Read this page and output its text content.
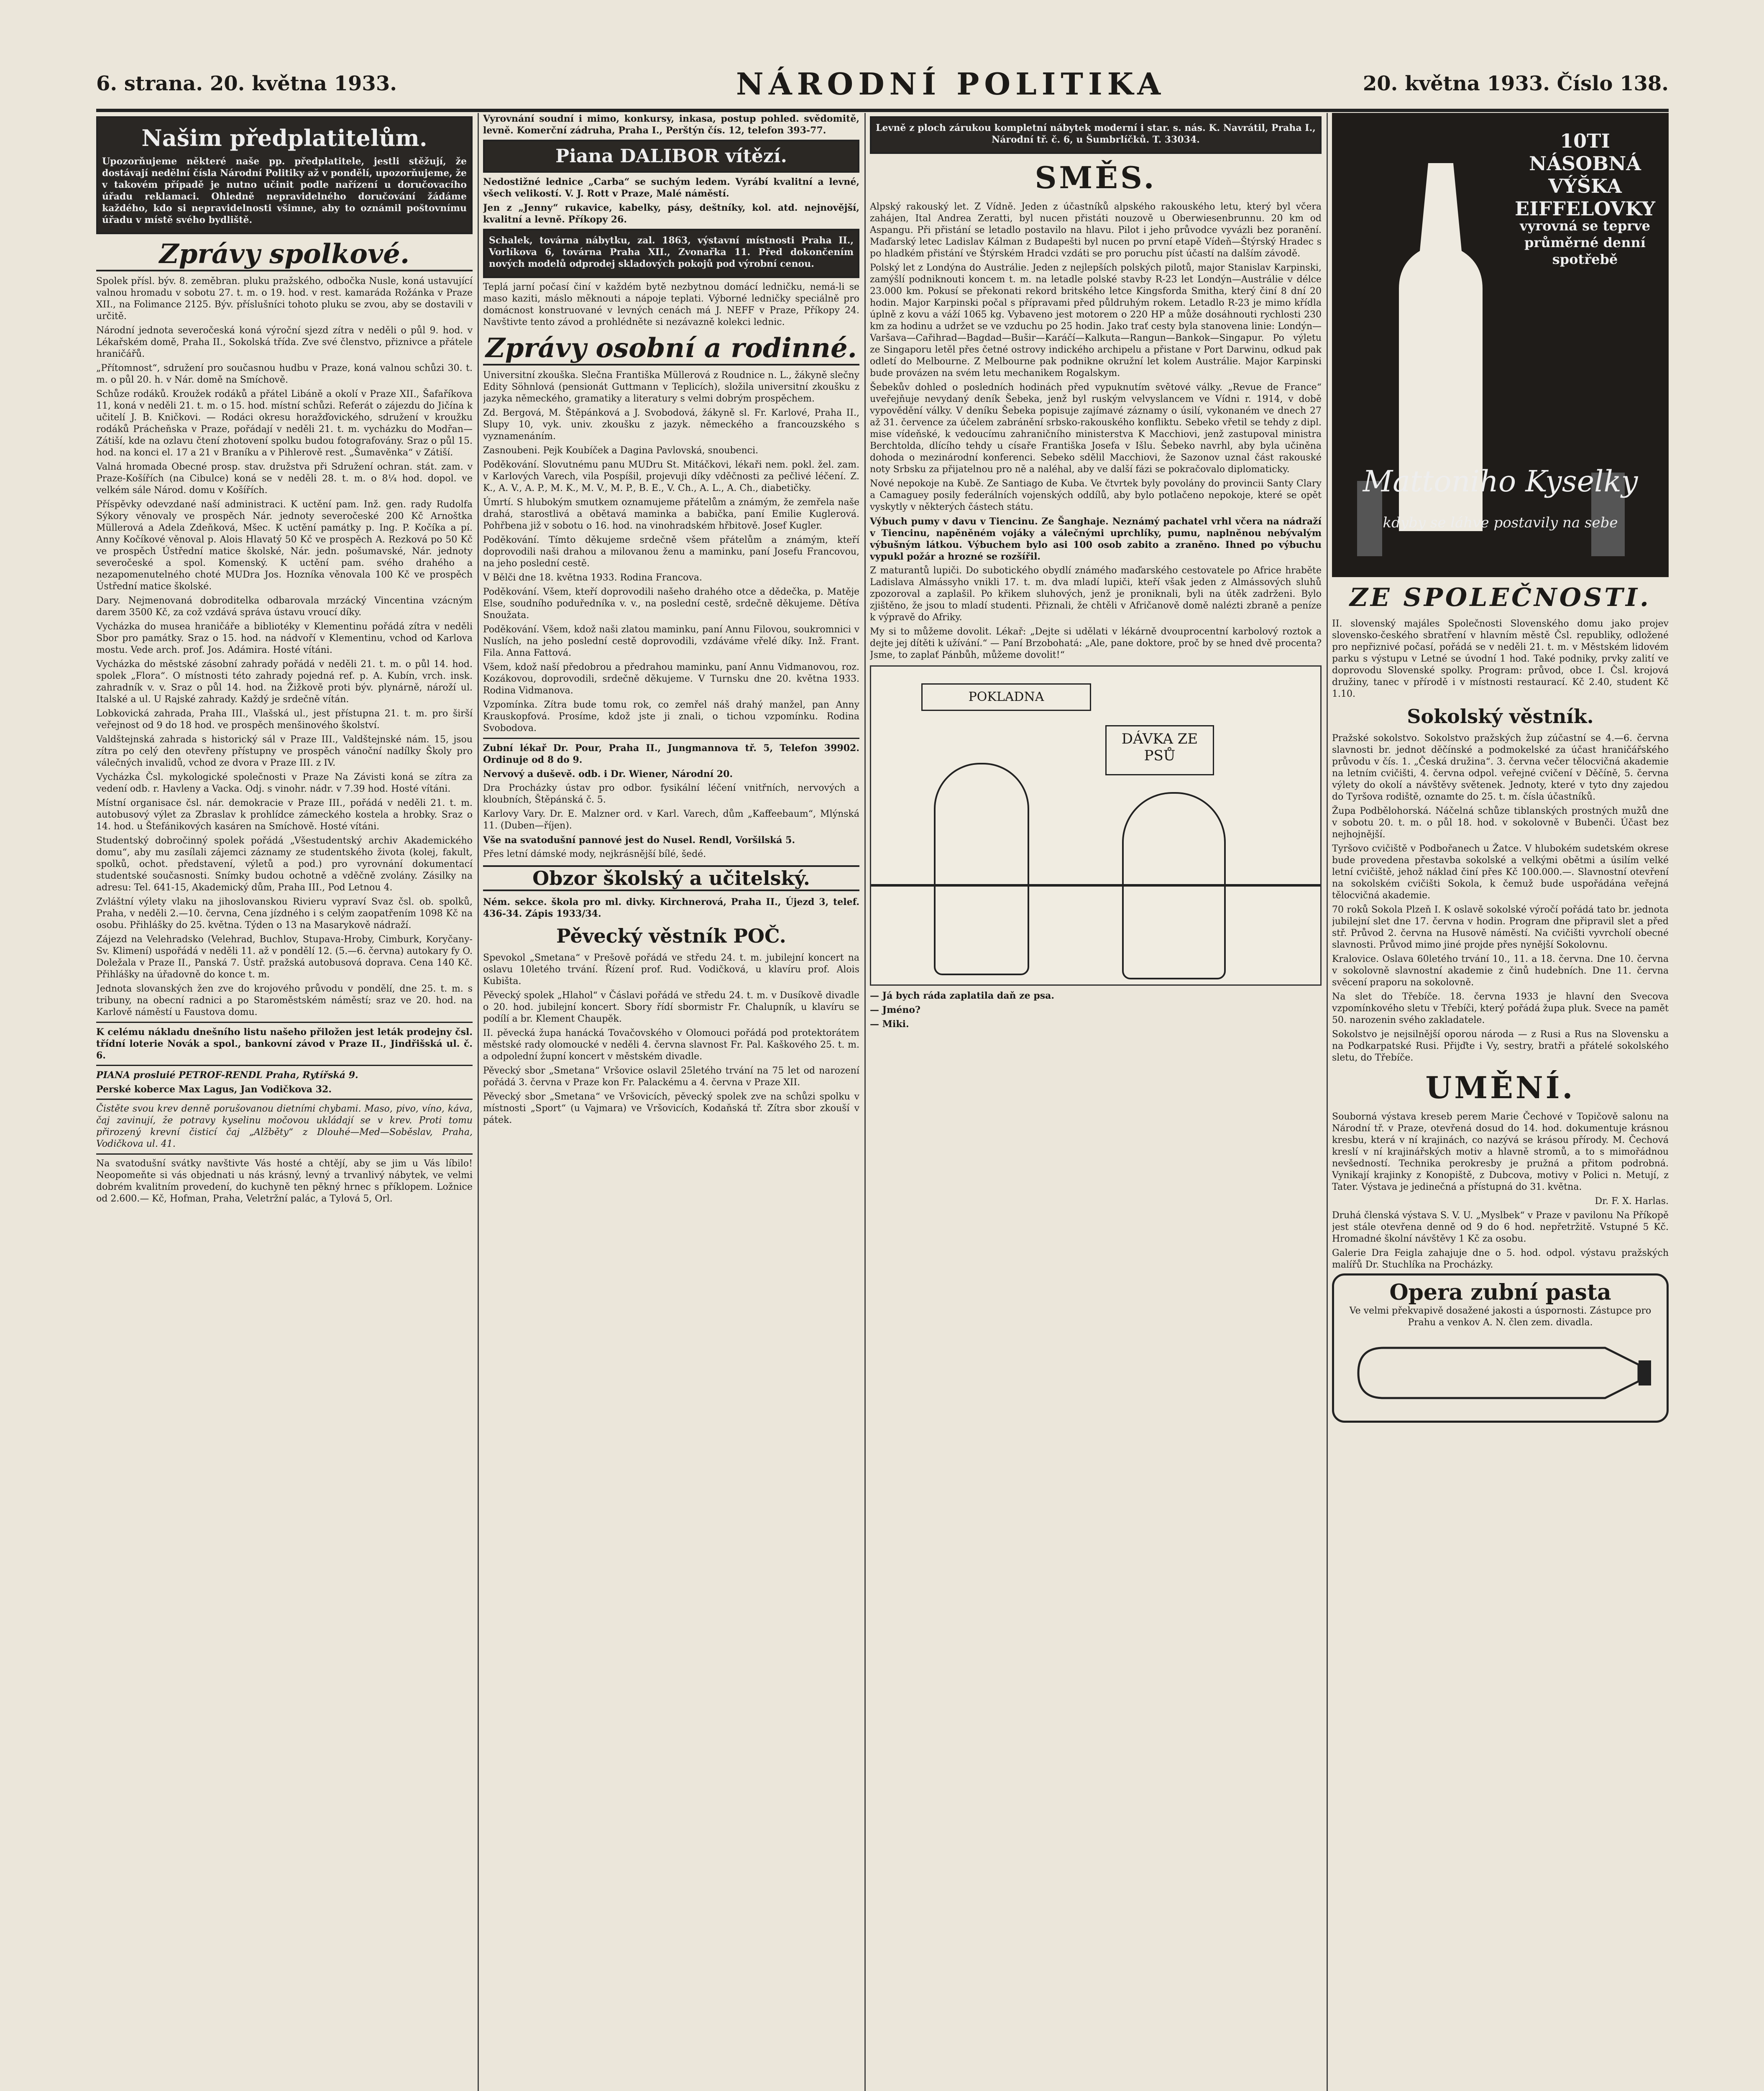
6. strana. 20. května 1933.	NÁRODNÍ POLITIKA	20. května 1933. Číslo 138.
Našim předplatitelům.

Upozorňujeme některé naše pp. předplatitele, jestli stěžují, že dostávají nedělní čísla Národní Politiky až v pondělí, upozorňujeme, že v takovém případě je nutno učinit podle nařízení u doručovacího úřadu reklamaci. Ohledně nepravidelného doručování žádáme každého, kdo si nepravidelnosti všimne, aby to oznámil poštovnímu úřadu v místě svého bydliště.

Zprávy spolkové.

Spolek přísl. býv. 8. zeměbran. pluku pražského, odbočka Nusle, koná ustavující valnou hromadu v sobotu 27. t. m. o 19. hod. v rest. kamaráda Rožánka v Praze XII., na Folimance 2125. Býv. příslušníci tohoto pluku se zvou, aby se dostavili v určitě.

Národní jednota severočeská koná výroční sjezd zítra v neděli o půl 9. hod. v Lékařském domě, Praha II., Sokolská třída. Zve své členstvo, přiznivce a přátele hraničářů.

„Přítomnost“, sdružení pro současnou hudbu v Praze, koná valnou schůzi 30. t. m. o půl 20. h. v Nár. domě na Smíchově.

Schůze rodáků. Kroužek rodáků a přátel Libáně a okolí v Praze XII., Šafaříkova 11, koná v neděli 21. t. m. o 15. hod. místní schůzi. Referát o zájezdu do Jičína k učitelí J. B. Kničkovi. — Rodáci okresu horažďovického, sdružení v kroužku rodáků Prácheňska v Praze, pořádají v neděli 21. t. m. vycházku do Modřan—Zátiší, kde na ozlavu čtení zhotovení spolku budou fotografovány. Sraz o půl 15. hod. na konci el. 17 a 21 v Braníku a v Pihlerově rest. „Šumavěnka“ v Zátiší.

Valná hromada Obecné prosp. stav. družstva při Sdružení ochran. stát. zam. v Praze-Košířích (na Cibulce) koná se v neděli 28. t. m. o 8¼ hod. dopol. ve velkém sále Národ. domu v Košířích.

Příspěvky odevzdané naší administraci. K uctění pam. Inž. gen. rady Rudolfa Sýkory věnovaly ve prospěch Nár. jednoty severočeské 200 Kč Arnoštka Müllerová a Adela Zdeňková, Mšec. K uctění památky p. Ing. P. Kočíka a pí. Anny Kočíkové věnoval p. Alois Hlavatý 50 Kč ve prospěch A. Rezková po 50 Kč ve prospěch Ústřední matice školské, Nár. jedn. pošumavské, Nár. jednoty severočeské a spol. Komenský. K uctění pam. svého drahého a nezapomenutelného choté MUDra Jos. Hozníka věnovala 100 Kč ve prospěch Ústřední matice školské.

Dary. Nejmenovaná dobroditelka odbarovala mrzácký Vincentina vzácným darem 3500 Kč, za což vzdává správa ústavu vroucí díky.

Vycházka do musea hraničáře a bibliotéky v Klementinu pořádá zítra v neděli Sbor pro památky. Sraz o 15. hod. na nádvoří v Klementinu, vchod od Karlova mostu. Vede arch. prof. Jos. Adámira. Hosté vítáni.

Vycházka do městské zásobní zahrady pořádá v neděli 21. t. m. o půl 14. hod. spolek „Flora“. O místnosti této zahrady pojedná ref. p. A. Kubín, vrch. insk. zahradník v. v. Sraz o půl 14. hod. na Žižkově proti býv. plynárně, nároží ul. Italské a ul. U Rajské zahrady. Každý je srdečně vítán.

Lobkovická zahrada, Praha III., Vlašská ul., jest přístupna 21. t. m. pro širší veřejnost od 9 do 18 hod. ve prospěch menšinového školství.

Valdštejnská zahrada s historický sál v Praze III., Valdštejnské nám. 15, jsou zítra po celý den otevřeny přístupny ve prospěch vánoční nadílky Školy pro válečných invalidů, vchod ze dvora v Praze III. z IV.

Vycházka Čsl. mykologické společnosti v Praze Na Závisti koná se zítra za vedení odb. r. Havleny a Vacka. Odj. s vinohr. nádr. v 7.39 hod. Hosté vítáni.

Místní organisace čsl. nár. demokracie v Praze III., pořádá v neděli 21. t. m. autobusový výlet za Zbraslav k prohlídce zámeckého kostela a hrobky. Sraz o 14. hod. u Štefánikových kasáren na Smíchově. Hosté vítáni.

Studentský dobročinný spolek pořádá „Všestudentský archiv Akademického domu“, aby mu zasílali zájemci záznamy ze studentského života (kolej, fakult, spolků, ochot. představení, výletů a pod.) pro vyrovnání dokumentací studentské současnosti. Snímky budou ochotně a vděčně zvolány. Zásilky na adresu: Tel. 641-15, Akademický dům, Praha III., Pod Letnou 4.

Zvláštní výlety vlaku na jihoslovanskou Rivieru vypraví Svaz čsl. ob. spolků, Praha, v neděli 2.—10. června, Cena jízdného i s celým zaopatřením 1098 Kč na osobu. Přihlášky do 25. května. Týden o 13 na Masarykově nádraží.

Zájezd na Velehradsko (Velehrad, Buchlov, Stupava-Hroby, Cimburk, Koryčany-Sv. Klimení) uspořádá v neděli 11. až v pondělí 12. (5.—6. června) autokary fy O. Doležala v Praze II., Panská 7. Ústř. pražská autobusová doprava. Cena 140 Kč. Přihlášky na úřadovně do konce t. m.

Jednota slovanských žen zve do krojového průvodu v pondělí, dne 25. t. m. s tribuny, na obecní radnici a po Staroměstském náměstí; sraz ve 20. hod. na Karlově náměstí u Faustova domu.

K celému nákladu dnešního listu našeho přiložen jest leták prodejny čsl. třídní loterie Novák a spol., bankovní závod v Praze II., Jindřišská ul. č. 6.

PIANA prosluié PETROF-RENDL Praha, Rytířská 9.

Perské koberce Max Lagus, Jan Vodičkova 32.

Čistěte svou krev denně porušovanou dietními chybami. Maso, pivo, víno, káva, čaj zavinují, že potravy kyselinu močovou ukládají se v krev. Proti tomu přirozený krevní čisticí čaj „Alžběty“ z Dlouhé—Med—Soběslav, Praha, Vodičkova ul. 41.

Na svatodušní svátky navštivte Vás hosté a chtějí, aby se jim u Vás líbilo! Neopomeňte si vás objednati u nás krásný, levný a trvanlivý nábytek, ve velmi dobrém kvalitním provedení, do kuchyně ten pěkný hrnec s příklopem. Ložnice od 2.600.— Kč, Hofman, Praha, Veletržní palác, a Tylová 5, Orl.

Vyrovnání soudní i mimo, konkursy, inkasa, postup pohled. svědomitě, levně. Komerční zádruha, Praha I., Perštýn čís. 12, telefon 393-77.

Piana DALIBOR vítězí.

Nedostižné lednice „Carba“ se suchým ledem. Vyrábí kvalitní a levné, všech velikostí. V. J. Rott v Praze, Malé náměstí.

Jen z „Jenny“ rukavice, kabelky, pásy, deštníky, kol. atd. nejnovější, kvalitní a levně. Příkopy 26.

Schalek, továrna nábytku, zal. 1863, výstavní místnosti Praha II., Vorlíkova 6, továrna Praha XII., Zvonařka 11. Před dokončením nových modelů odprodej skladových pokojů pod výrobní cenou.

Teplá jarní počasí činí v každém bytě nezbytnou domácí ledničku, nemá-li se maso kaziti, máslo měknouti a nápoje teplati. Výborné ledničky speciálně pro domácnost konstruované v levných cenách má J. NEFF v Praze, Příkopy 24. Navštivte tento závod a prohlédněte si nezávazně kolekci lednic.

Zprávy osobní a rodinné.

Universitní zkouška. Slečna Františka Müllerová z Roudnice n. L., žákyně slečny Edity Söhnlová (pensionát Guttmann v Teplicích), složila universitní zkoušku z jazyka německého, gramatiky a literatury s velmi dobrým prospěchem.

Zd. Bergová, M. Štěpánková a J. Svobodová, žákyně sl. Fr. Karlové, Praha II., Slupy 10, vyk. univ. zkoušku z jazyk. německého a francouzského s vyznamenáním.

Zasnoubeni. Pejk Koubíček a Dagina Pavlovská, snoubenci.

Poděkování. Slovutnému panu MUDru St. Mitáčkovi, lékaři nem. pokl. žel. zam. v Karlových Varech, vila Pospíšil, projevuji díky vděčnosti za pečlivé léčení. Z. K., A. V., A. P., M. K., M. V., M. P., B. E., V. Ch., A. L., A. Ch., diabetičky.

Úmrtí. S hlubokým smutkem oznamujeme přátelům a známým, že zemřela naše drahá, starostlivá a obětavá maminka a babička, paní Emilie Kuglerová. Pohřbena již v sobotu o 16. hod. na vinohradském hřbitově. Josef Kugler.

Poděkování. Tímto děkujeme srdečně všem přátelům a známým, kteří doprovodili naši drahou a milovanou ženu a maminku, paní Josefu Francovou, na jeho poslední cestě.

V Bělči dne 18. května 1933. Rodina Francova.

Poděkování. Všem, kteří doprovodili našeho drahého otce a dědečka, p. Matěje Else, soudního poduředníka v. v., na poslední cestě, srdečně děkujeme. Dětíva Snoužata.

Poděkování. Všem, kdož naši zlatou maminku, paní Annu Filovou, soukromnici v Nuslích, na jeho poslední cestě doprovodili, vzdáváme vřelé díky. Inž. Frant. Fila. Anna Fattová.

Všem, kdož naší předobrou a předrahou maminku, paní Annu Vidmanovou, roz. Kozákovou, doprovodili, srdečně děkujeme. V Turnsku dne 20. května 1933. Rodina Vidmanova.

Vzpomínka. Zítra bude tomu rok, co zemřel náš drahý manžel, pan Anny Krauskopfová. Prosíme, kdož jste ji znali, o tichou vzpomínku. Rodina Svobodova.

Zubní lékař Dr. Pour, Praha II., Jungmannova tř. 5, Telefon 39902. Ordinuje od 8 do 9.

Nervový a duševě. odb. i Dr. Wiener, Národní 20.

Dra Procházky ústav pro odbor. fysikální léčení vnitřních, nervových a kloubních, Štěpánská č. 5.

Karlovy Vary. Dr. E. Malzner ord. v Karl. Varech, dům „Kaffeebaum“, Mlýnská 11. (Duben—říjen).

Vše na svatodušní pannové jest do Nusel. Rendl, Voršilská 5.

Přes letní dámské mody, nejkrásnější bílé, šedé.

Obzor školský a učitelský.

Ném. sekce. škola pro ml. divky. Kirchnerová, Praha II., Újezd 3, telef. 436-34. Zápis 1933/34.

Pěvecký věstník POČ.

Spevokol „Smetana“ v Prešově pořádá ve středu 24. t. m. jubilejní koncert na oslavu 10letého trvání. Řízení prof. Rud. Vodičková, u klavíru prof. Alois Kubišta.

Pěvecký spolek „Hlahol“ v Čáslavi pořádá ve středu 24. t. m. v Dusíkově divadle o 20. hod. jubilejní koncert. Sbory řídí sbormistr Fr. Chalupník, u klavíru se podílí a br. Klement Chaupěk.

II. pěvecká župa hanácká Tovačovského v Olomouci pořádá pod protektorátem městské rady olomoucké v neděli 4. června slavnost Fr. Pal. Kaškového 25. t. m. a odpolední župní koncert v městském divadle.

Pěvecký sbor „Smetana“ Vršovice oslavil 25letého trvání na 75 let od narození pořádá 3. června v Praze kon Fr. Palackému a 4. června v Praze XII.

Pěvecký sbor „Smetana“ ve Vršovicích, pěvecký spolek zve na schůzi spolku v místnosti „Sport“ (u Vajmara) ve Vršovicích, Kodaňská tř. Zítra sbor zkouší v pátek.

Levně z ploch zárukou kompletní nábytek moderní i star. s. nás. K. Navrátil, Praha I., Národní tř. č. 6, u Šumbrlíčků. T. 33034.

SMĚS.

Alpský rakouský let. Z Vídně. Jeden z účastníků alpského rakouského letu, který byl včera zahájen, Ital Andrea Zeratti, byl nucen přistáti nouzově u Oberwiesenbrunnu. 20 km od Aspangu. Při přistání se letadlo postavilo na hlavu. Pilot i jeho průvodce vyvázli bez poranění. Maďarský letec Ladislav Kálman z Budapešti byl nucen po první etapě Vídeň—Štýrský Hradec s po hladkém přistání ve Štýrském Hradci vzdáti se pro poruchu píst účastí na dalším závodě.

Polský let z Londýna do Austrálie. Jeden z nejlepších polských pilotů, major Stanislav Karpinski, zamýšlí podniknouti koncem t. m. na letadle polské stavby R-23 let Londýn—Austrálie v délce 23.000 km. Pokusí se překonati rekord britského letce Kingsforda Smitha, který činí 8 dní 20 hodin. Major Karpinski počal s přípravami před půldruhým rokem. Letadlo R-23 je mimo křídla úplně z kovu a váží 1065 kg. Vybaveno jest motorem o 220 HP a může dosáhnouti rychlosti 230 km za hodinu a udržet se ve vzduchu po 25 hodin. Jako trať cesty byla stanovena linie: Londýn—Varšava—Cařihrad—Bagdad—Bušir—Karáčí—Kalkuta—Rangun—Bankok—Singapur. Po výletu ze Singaporu letěl přes četné ostrovy indického archipelu a přistane v Port Darwinu, odkud pak odletí do Melbourne. Z Melbourne pak podnikne okružní let kolem Austrálie. Major Karpinski bude provázen na svém letu mechanikem Rogalskym.

Šebekův dohled o posledních hodinách před vypuknutím světové války. „Revue de France“ uveřejňuje nevydaný deník Šebeka, jenž byl ruským velvyslancem ve Vídni r. 1914, v době vypovědění války. V deníku Šebeka popisuje zajímavé záznamy o úsilí, vykonaném ve dnech 27 až 31. července za účelem zabránění srbsko-rakouského konfliktu. Sebeko vřetil se tehdy z dipl. mise vídeňské, k vedoucímu zahraničního ministerstva K Macchiovi, jenž zastupoval ministra Berchtolda, dlícího tehdy u císaře Františka Josefa v Išlu. Šebeko navrhl, aby byla učiněna dohoda o mezinárodní konferenci. Sebeko sdělil Macchiovi, že Sazonov uznal část rakouské noty Srbsku za přijatelnou pro ně a naléhal, aby ve další fázi se pokračovalo diplomaticky.

Nové nepokoje na Kubě. Ze Santiago de Kuba. Ve čtvrtek byly povolány do provincii Santy Clary a Camaguey posily federálních vojenských oddílů, aby bylo potlačeno nepokoje, které se opět vyskytly v některých částech státu.

Výbuch pumy v davu v Tiencinu. Ze Šanghaje. Neznámý pachatel vrhl včera na nádraží v Tiencinu, napěněném vojáky a válečnými uprchlíky, pumu, naplněnou nebývalým výbušným látkou. Výbuchem bylo asi 100 osob zabito a zraněno. Ihned po výbuchu vypukl požár a hrozné se rozšířil.

Z maturantů lupiči. Do subotického obydlí známého maďarského cestovatele po Africe hraběte Ladislava Almássyho vnikli 17. t. m. dva mladí lupiči, kteří však jeden z Almássových sluhů zpozoroval a zaplašil. Po křikem sluhových, jenž je proniknali, byli na útěk zadrženi. Bylo zjištěno, že jsou to mladí studenti. Přiznali, že chtěli v Afričanově domě nalézti zbraně a peníze k výpravě do Afriky.

My si to můžeme dovolit. Lékař: „Dejte si udělati v lékárně dvouprocentní karbolový roztok a dejte jej dítěti k užívání.“ — Paní Brzobohatá: „Ale, pane doktore, proč by se hned dvě procenta? Jsme, to zaplať Pánbůh, můžeme dovolit!“

POKLADNA
DÁVKA ZE PSŮ

— Já bych ráda zaplatila daň ze psa.

— Jméno?

— Miki.

10TI NÁSOBNÁ VÝŠKA EIFFELOVKY
vyrovná se teprve průměrné denní spotřebě
Mattoniho Kyselky
kdyby se láhve postavily na sebe
ZE SPOLEČNOSTI.

II. slovenský majáles Společnosti Slovenského domu jako projev slovensko-českého sbratření v hlavním městě Čsl. republiky, odložené pro nepřiznivé počasí, pořádá se v neděli 21. t. m. v Městském lidovém parku s výstupu v Letné se úvodní 1 hod. Také podniky, prvky zalití ve doprovodu Slovenské spolky. Program: průvod, obce I. Čsl. krojová družiny, tanec v přírodě i v místnosti restaurací. Kč 2.40, student Kč 1.10.

Sokolský věstník.

Pražské sokolstvo. Sokolstvo pražských žup zúčastní se 4.—6. června slavnosti br. jednot děčínské a podmokelské za účast hraničářského průvodu v čís. 1. „Česká družina“. 3. června večer tělocvičná akademie na letním cvičišti, 4. června odpol. veřejné cvičení v Děčíně, 5. června výlety do okolí a návštěvy světenek. Jednoty, které v tyto dny zajedou do Tyršova rodiště, oznamte do 25. t. m. čísla účastníků.

Župa Podbělohorská. Náčelná schůze tiblanských prostných mužů dne v sobotu 20. t. m. o půl 18. hod. v sokolovně v Bubenči. Účast bez nejhojnější.

Tyršovo cvičiště v Podbořanech u Žatce. V hlubokém sudetském okrese bude provedena přestavba sokolské a velkými obětmi a úsilím velké letní cvičiště, jehož náklad činí přes Kč 100.000.—. Slavnostní otevření na sokolském cvičišti Sokola, k čemuž bude uspořádána veřejná tělocvičná akademie.

70 roků Sokola Plzeň I. K oslavě sokolské výročí pořádá tato br. jednota jubilejní slet dne 17. června v hodin. Program dne připravil slet a před stř. Průvod 2. června na Husově náměstí. Na cvičišti vyvrcholí obecné slavnosti. Průvod mimo jiné projde přes nynější Sokolovnu.

Kralovice. Oslava 60letého trvání 10., 11. a 18. června. Dne 10. června v sokolovně slavnostní akademie z činů hudebních. Dne 11. června svěcení praporu na sokolovně.

Na slet do Třebíče. 18. června 1933 je hlavní den Svecova vzpomínkového sletu v Třebíči, který pořádá župa pluk. Svece na pamět 50. narozenin svého zakladatele.

Sokolstvo je nejsilnější oporou národa — z Rusi a Rus na Slovensku a na Podkarpatské Rusi. Přijďte i Vy, sestry, bratři a přátelé sokolského sletu, do Třebíče.

UMĚNÍ.

Souborná výstava kreseb perem Marie Čechové v Topičově salonu na Národní tř. v Praze, otevřená dosud do 14. hod. dokumentuje krásnou kresbu, která v ní krajinách, co nazývá se krásou přírody. M. Čechová kreslí v ní krajinářských motiv a hlavně stromů, a to s mimořádnou nevšedností. Technika perokresby je pružná a přitom podrobná. Vynikají krajinky z Konopiště, z Dubcova, motivy v Polici n. Metují, z Tater. Výstava je jedinečná a přístupná do 31. května.

Dr. F. X. Harlas.

Druhá členská výstava S. V. U. „Myslbek“ v Praze v pavilonu Na Příkopě jest stále otevřena denně od 9 do 6 hod. nepřetržitě. Vstupné 5 Kč. Hromadné školní návštěvy 1 Kč za osobu.

Galerie Dra Feigla zahajuje dne o 5. hod. odpol. výstavu pražských malířů Dr. Stuchlíka na Procházky.

Opera zubní pasta

Ve velmi překvapivě dosažené jakosti a úspornosti. Zástupce pro Prahu a venkov A. N. člen zem. divadla.
